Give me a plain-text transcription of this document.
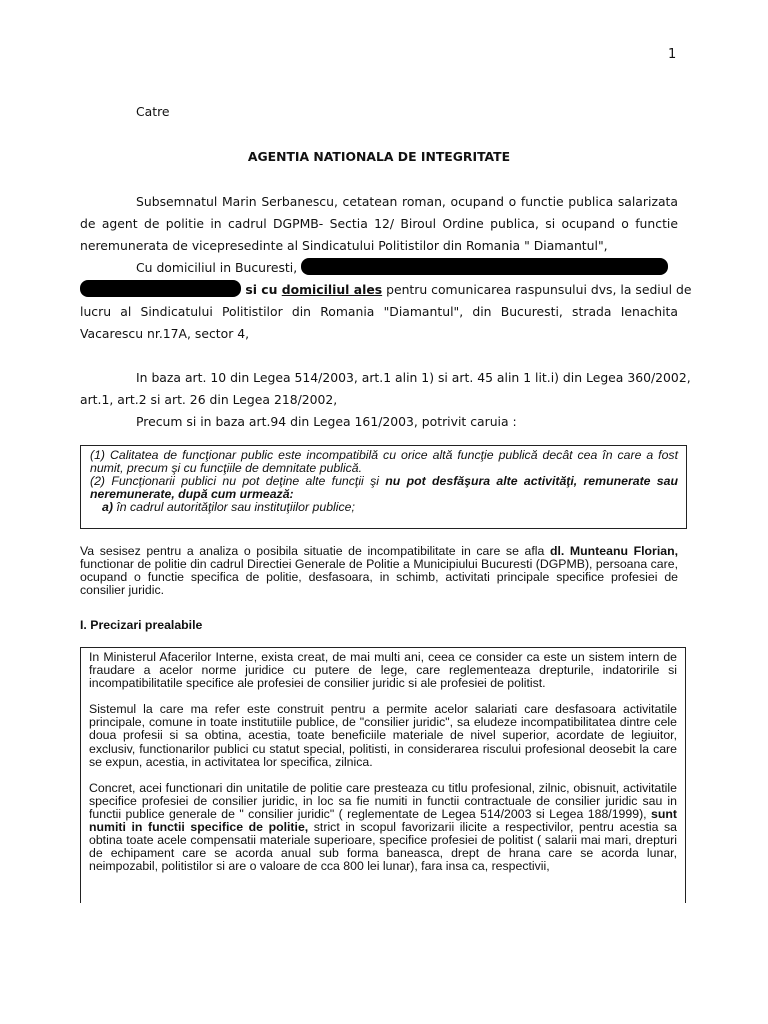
1
Catre
AGENTIA NATIONALA DE INTEGRITATE
Subsemnatul Marin Serbanescu, cetatean roman, ocupand o functie publica salarizata
de agent de politie in cadrul DGPMB- Sectia 12/ Biroul Ordine publica, si ocupand o functie
neremunerata de vicepresedinte al Sindicatului Politistilor din Romania " Diamantul",
Cu domiciliul in Bucuresti,
si cu domiciliul ales pentru comunicarea raspunsului dvs, la sediul de
lucru al Sindicatului Politistilor din Romania "Diamantul", din Bucuresti, strada Ienachita
Vacarescu nr.17A, sector 4,
In baza art. 10 din Legea 514/2003, art.1 alin 1) si art. 45 alin 1 lit.i) din Legea 360/2002,
art.1, art.2 si art. 26 din Legea 218/2002,
Precum si in baza art.94 din Legea 161/2003, potrivit caruia :
(1) Calitatea de funcţionar public este incompatibilă cu orice altă funcţie publică decât cea în care a fost numit, precum şi cu funcţiile de demnitate publică.
(2) Funcţionarii publici nu pot deţine alte funcţii şi nu pot desfăşura alte activităţi, remunerate sau neremunerate, după cum urmează:
a) în cadrul autorităţilor sau instituţiilor publice;
Va sesisez pentru a analiza o posibila situatie de incompatibilitate in care se afla dl. Munteanu Florian, functionar de politie din cadrul Directiei Generale de Politie a Municipiului Bucuresti (DGPMB), persoana care, ocupand o functie specifica de politie, desfasoara, in schimb, activitati principale specifice profesiei de consilier juridic.
I. Precizari prealabile
In Ministerul Afacerilor Interne, exista creat, de mai multi ani, ceea ce consider ca este un sistem intern de fraudare a acelor norme juridice cu putere de lege, care reglementeaza drepturile, indatoririle si incompatibilitatile specifice ale profesiei de consilier juridic si ale profesiei de politist.
Sistemul la care ma refer este construit pentru a permite acelor salariati care desfasoara activitatile principale, comune in toate institutiile publice, de "consilier juridic", sa eludeze incompatibilitatea dintre cele doua profesii si sa obtina, acestia, toate beneficiile materiale de nivel superior, acordate de legiuitor, exclusiv, functionarilor publici cu statut special, politisti, in considerarea riscului profesional deosebit la care se expun, acestia, in activitatea lor specifica, zilnica.
Concret, acei functionari din unitatile de politie care presteaza cu titlu profesional, zilnic, obisnuit, activitatile specifice profesiei de consilier juridic, in loc sa fie numiti in functii contractuale de consilier juridic sau in functii publice generale de " consilier juridic" ( reglementate de Legea 514/2003 si Legea 188/1999), sunt numiti in functii specifice de politie, strict in scopul favorizarii ilicite a respectivilor, pentru acestia sa obtina toate acele compensatii materiale superioare, specifice profesiei de politist ( salarii mai mari, drepturi de echipament care se acorda anual sub forma baneasca, drept de hrana care se acorda lunar, neimpozabil, politistilor si are o valoare de cca 800 lei lunar), fara insa ca, respectivii,
